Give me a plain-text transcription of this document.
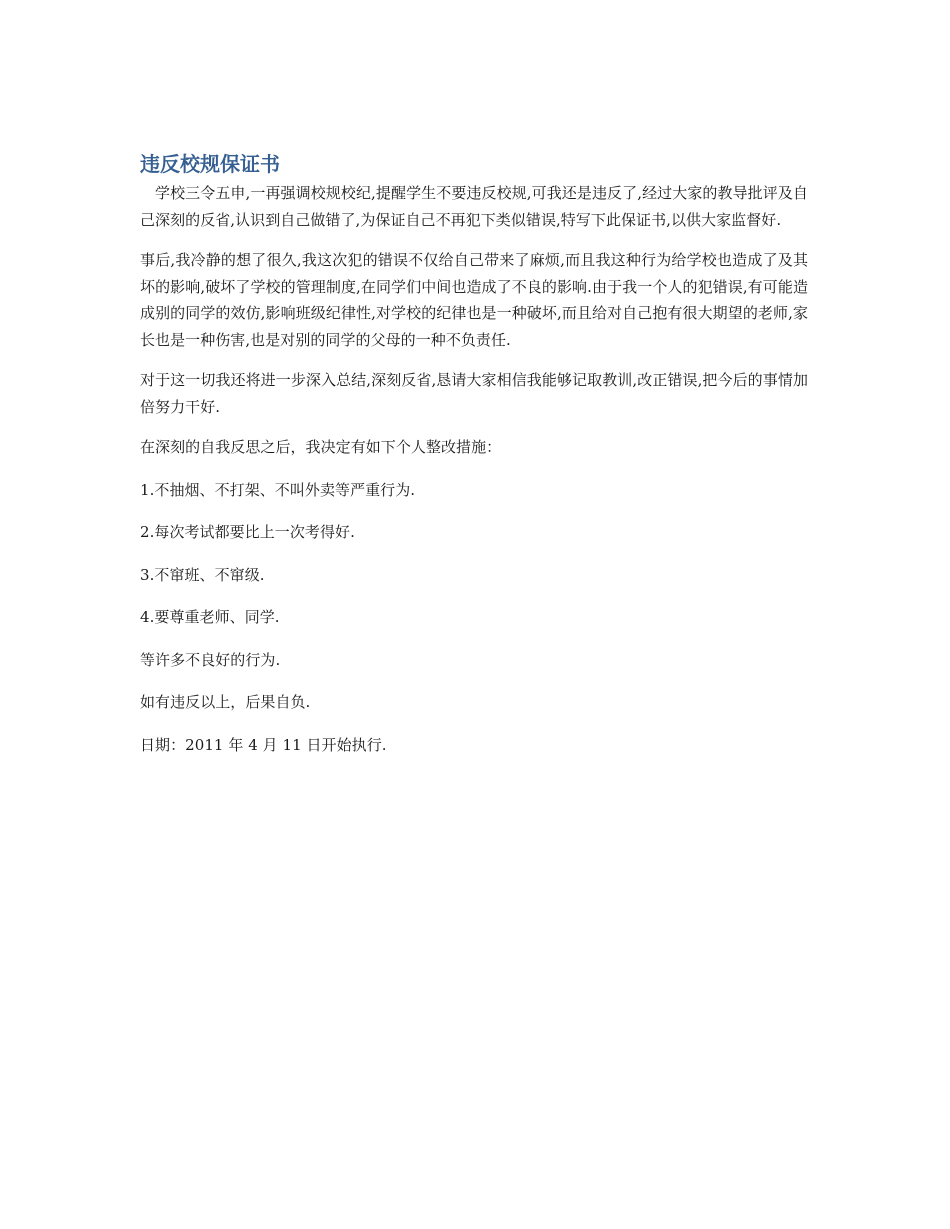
违反校规保证书

学校三令五申,一再强调校规校纪,提醒学生不要违反校规,可我还是违反了,经过大家的教导批评及自己深刻的反省,认识到自己做错了,为保证自己不再犯下类似错误,特写下此保证书,以供大家监督好.

事后,我冷静的想了很久,我这次犯的错误不仅给自己带来了麻烦,而且我这种行为给学校也造成了及其坏的影响,破坏了学校的管理制度,在同学们中间也造成了不良的影响.由于我一个人的犯错误,有可能造成别的同学的效仿,影响班级纪律性,对学校的纪律也是一种破坏,而且给对自己抱有很大期望的老师,家长也是一种伤害,也是对别的同学的父母的一种不负责任.

对于这一切我还将进一步深入总结,深刻反省,恳请大家相信我能够记取教训,改正错误,把今后的事情加倍努力干好.

在深刻的自我反思之后，我决定有如下个人整改措施：

1.不抽烟、不打架、不叫外卖等严重行为.

2.每次考试都要比上一次考得好.

3.不窜班、不窜级.

4.要尊重老师、同学.

等许多不良好的行为.

如有违反以上，后果自负.

日期：2011 年 4 月 11 日开始执行.
